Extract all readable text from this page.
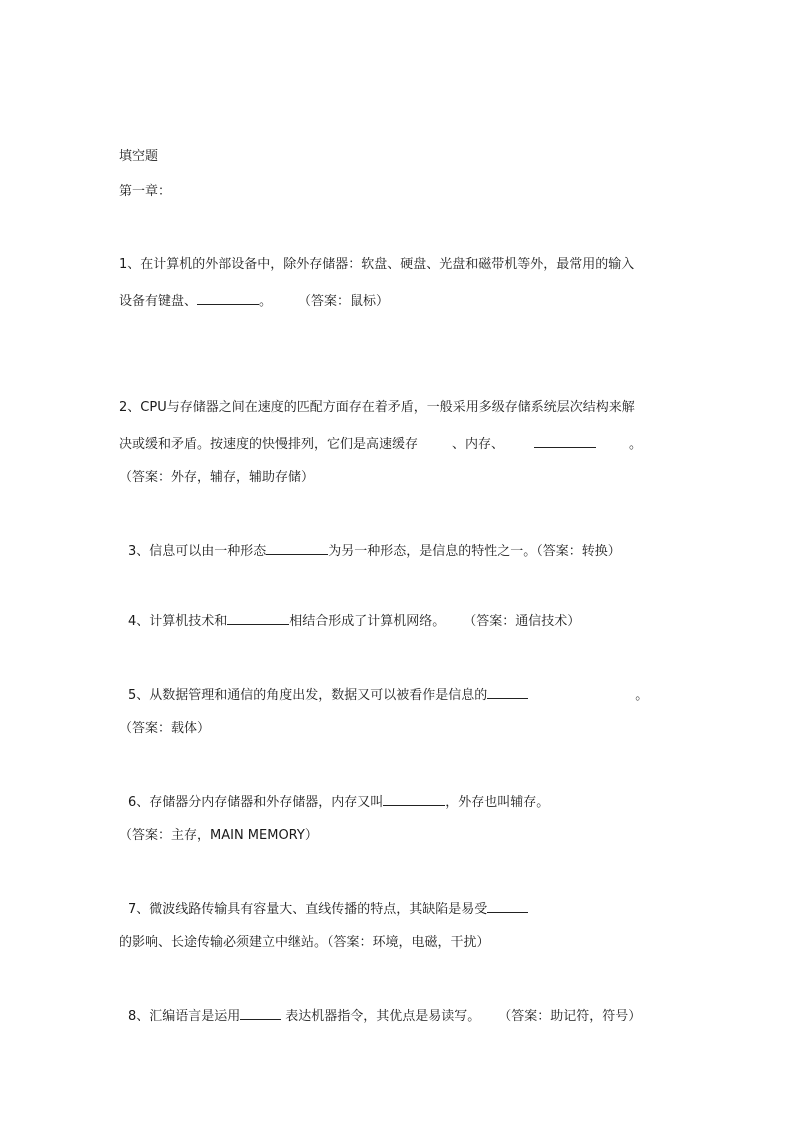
填空题
第一章：
1、在计算机的外部设备中，除外存储器：软盘、硬盘、光盘和磁带机等外，最常用的输入
设备有键盘、	。 （答案：鼠标）
2、CPU与存储器之间在速度的匹配方面存在着矛盾，一般采用多级存储系统层次结构来解
决或缓和矛盾。按速度的快慢排列，它们是高速缓存	、内存、	。
（答案：外存，辅存，辅助存储）
3、信息可以由一种形态	为另一种形态，是信息的特性之一。（答案：转换）
4、计算机技术和	相结合形成了计算机网络。 （答案：通信技术）
5、从数据管理和通信的角度出发，数据又可以被看作是信息的	。
（答案：载体）
6、存储器分内存储器和外存储器，内存又叫	，外存也叫辅存。
（答案：主存，MAIN MEMORY）
7、微波线路传输具有容量大、直线传播的特点，其缺陷是易受
的影响、长途传输必须建立中继站。（答案：环境，电磁，干扰）
8、汇编语言是运用	表达机器指令，其优点是易读写。 （答案：助记符，符号）
